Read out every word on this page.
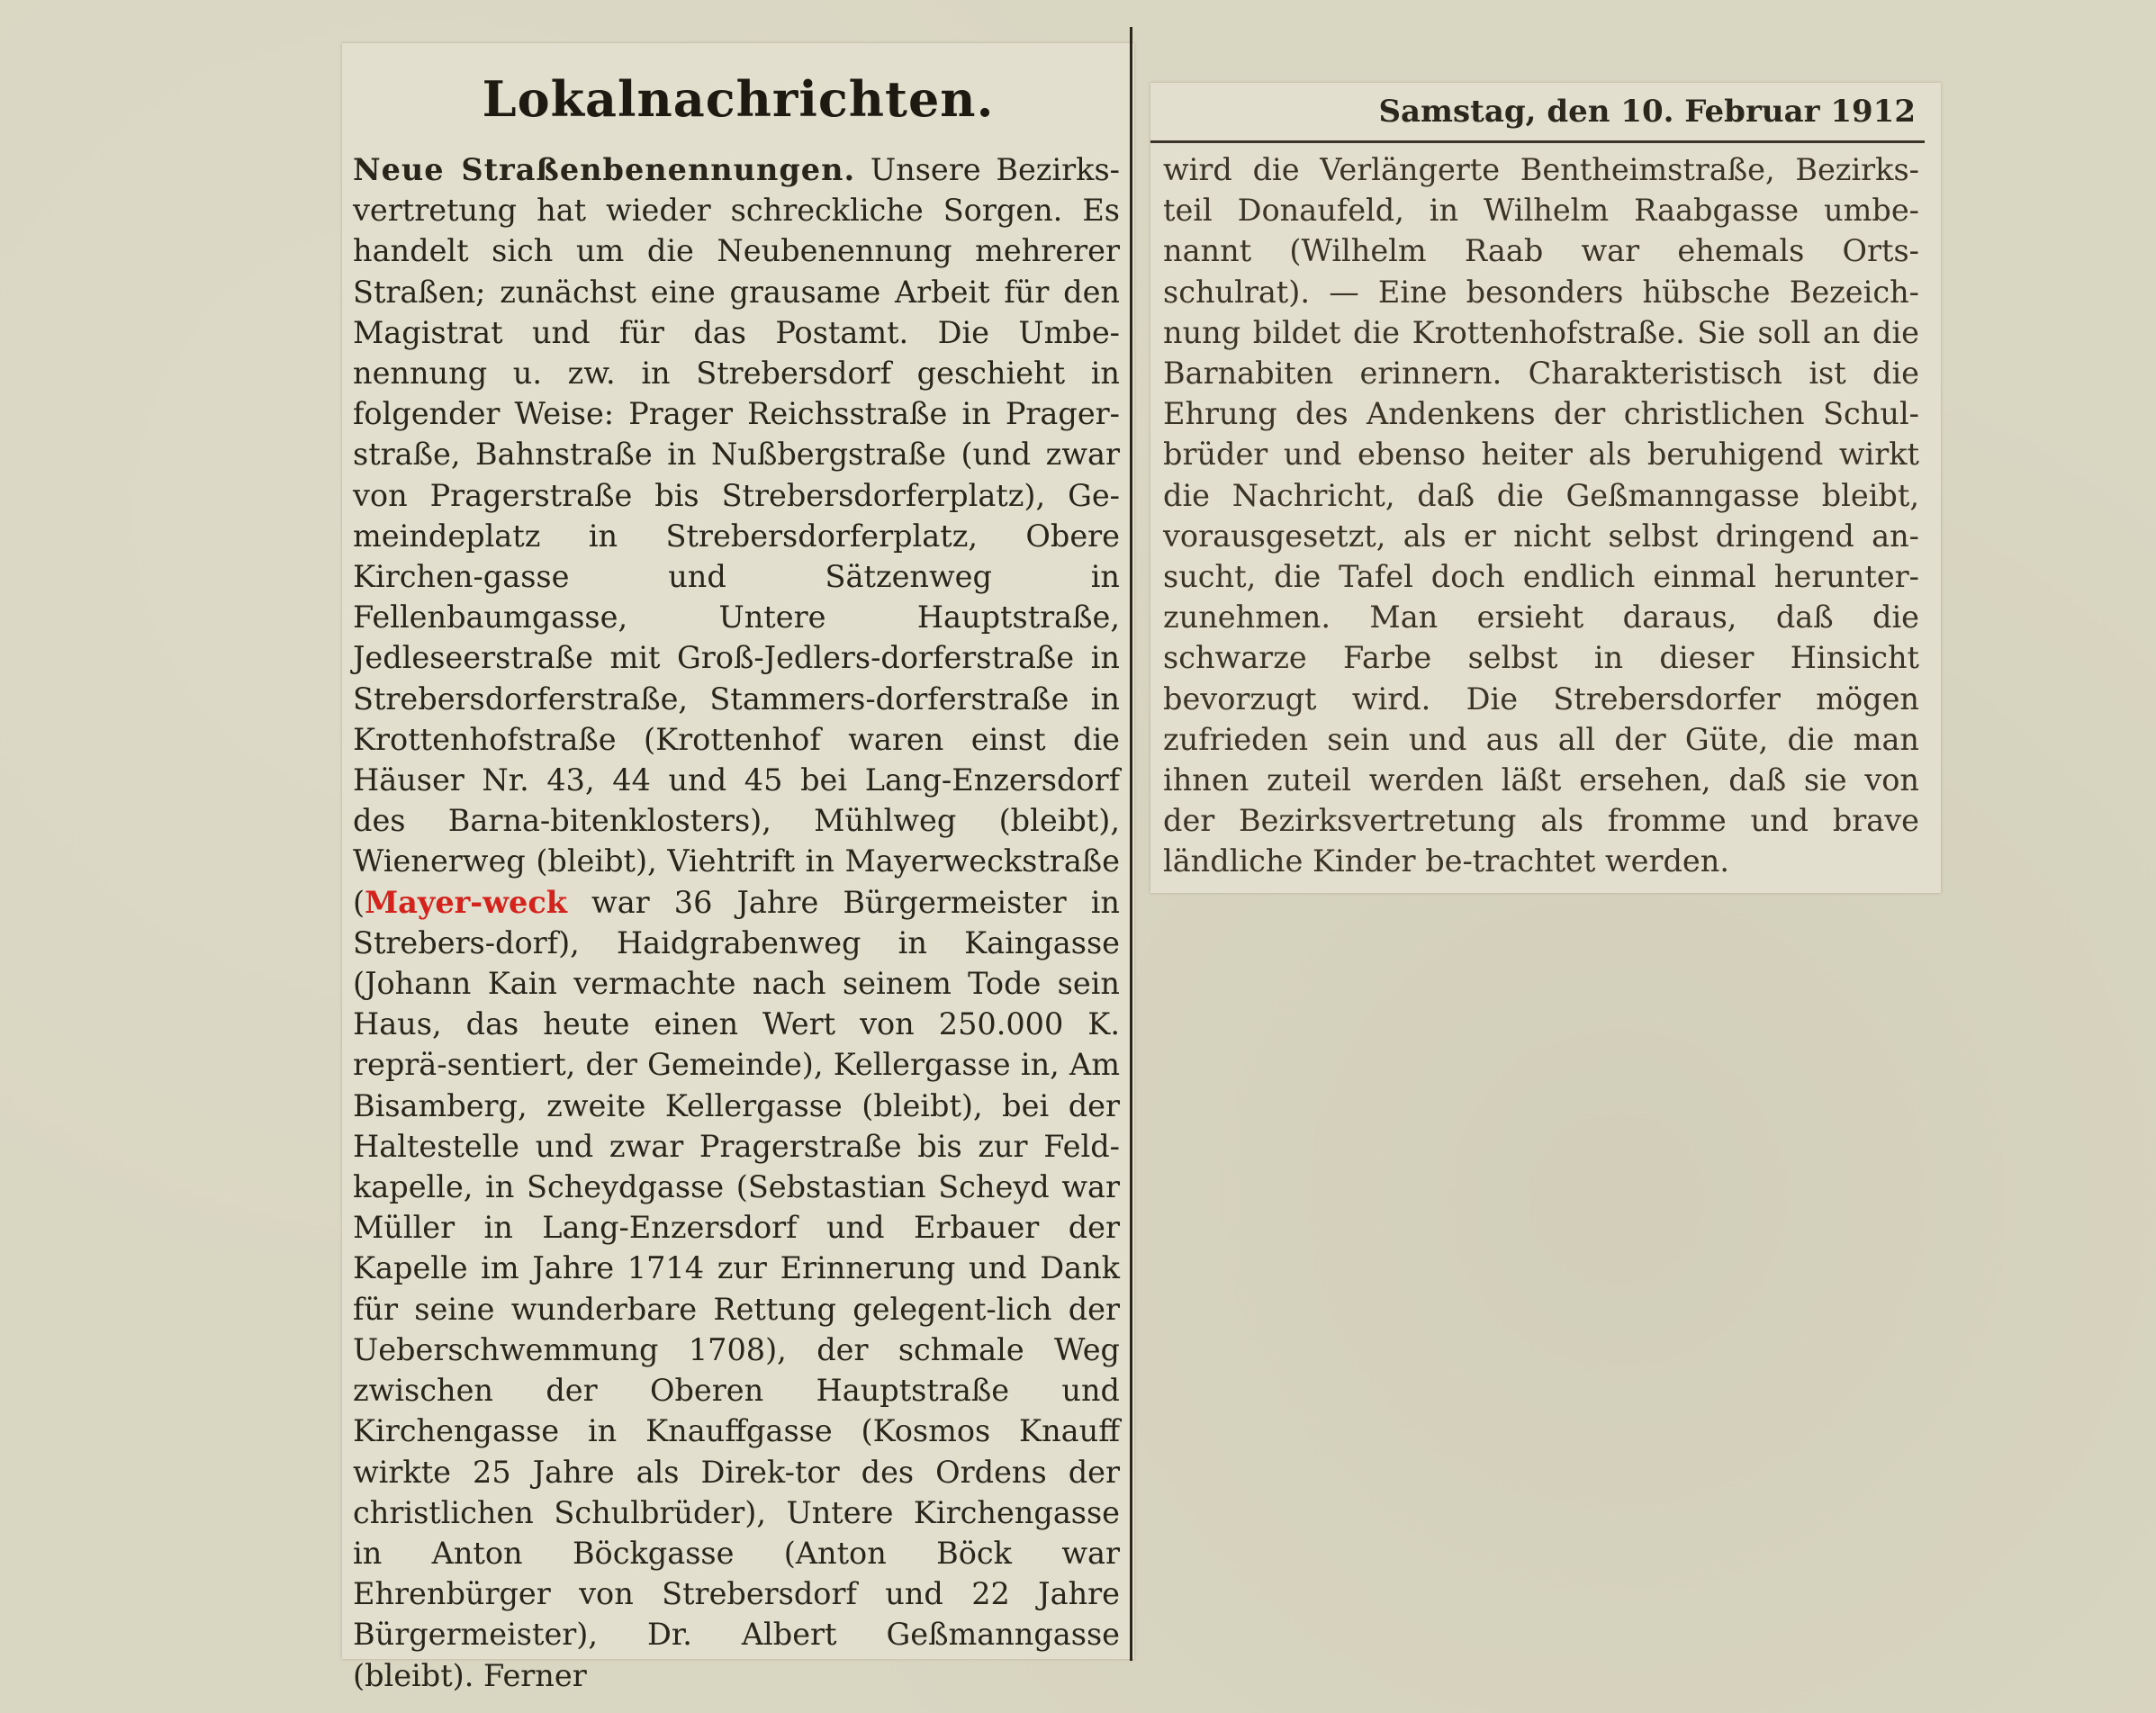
Lokalnachrichten.
Neue Straßenbenennungen. Unsere Bezirks-vertretung hat wieder schreckliche Sorgen. Es handelt sich um die Neubenennung mehrerer Straßen; zunächst eine grausame Arbeit für den Magistrat und für das Postamt. Die Umbe-nennung u. zw. in Strebersdorf geschieht in folgender Weise: Prager Reichsstraße in Prager-straße, Bahnstraße in Nußbergstraße (und zwar von Pragerstraße bis Strebersdorferplatz), Ge-meindeplatz in Strebersdorferplatz, Obere Kirchen-gasse und Sätzenweg in Fellenbaumgasse, Untere Hauptstraße, Jedleseerstraße mit Groß-Jedlers-dorferstraße in Strebersdorferstraße, Stammers-dorferstraße in Krottenhofstraße (Krottenhof waren einst die Häuser Nr. 43, 44 und 45 bei Lang-Enzersdorf des Barna-bitenklosters), Mühlweg (bleibt), Wienerweg (bleibt), Viehtrift in Mayerweckstraße (Mayer-weck war 36 Jahre Bürgermeister in Strebers-dorf), Haidgrabenweg in Kaingasse (Johann Kain vermachte nach seinem Tode sein Haus, das heute einen Wert von 250.000 K. reprä-sentiert, der Gemeinde), Kellergasse in, Am Bisamberg, zweite Kellergasse (bleibt), bei der Haltestelle und zwar Pragerstraße bis zur Feld-kapelle, in Scheydgasse (Sebstastian Scheyd war Müller in Lang-Enzersdorf und Erbauer der Kapelle im Jahre 1714 zur Erinnerung und Dank für seine wunderbare Rettung gelegent-lich der Ueberschwemmung 1708), der schmale Weg zwischen der Oberen Hauptstraße und Kirchengasse in Knauffgasse (Kosmos Knauff wirkte 25 Jahre als Direk-tor des Ordens der christlichen Schulbrüder), Untere Kirchengasse in Anton Böckgasse (Anton Böck war Ehrenbürger von Strebersdorf und 22 Jahre Bürgermeister), Dr. Albert Geßmanngasse (bleibt). Ferner
Samstag, den 10. Februar 1912
wird die Verlängerte Bentheimstraße, Bezirks-teil Donaufeld, in Wilhelm Raabgasse umbe-nannt (Wilhelm Raab war ehemals Orts-schulrat). — Eine besonders hübsche Bezeich-nung bildet die Krottenhofstraße. Sie soll an die Barnabiten erinnern. Charakteristisch ist die Ehrung des Andenkens der christlichen Schul-brüder und ebenso heiter als beruhigend wirkt die Nachricht, daß die Geßmanngasse bleibt, vorausgesetzt, als er nicht selbst dringend an-sucht, die Tafel doch endlich einmal herunter-zunehmen. Man ersieht daraus, daß die schwarze Farbe selbst in dieser Hinsicht bevorzugt wird. Die Strebersdorfer mögen zufrieden sein und aus all der Güte, die man ihnen zuteil werden läßt ersehen, daß sie von der Bezirksvertretung als fromme und brave ländliche Kinder be-trachtet werden.
